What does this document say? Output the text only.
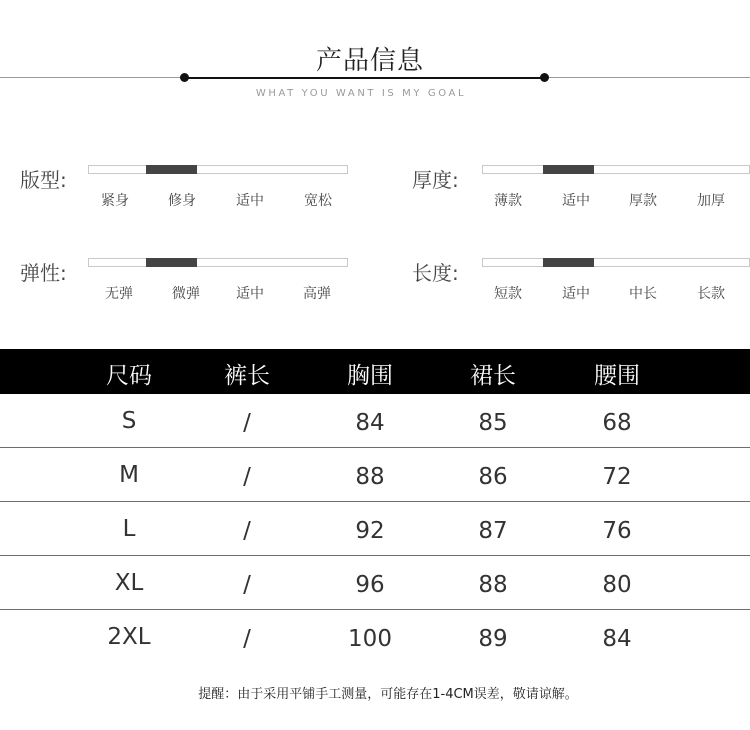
产品信息
WHAT YOU WANT IS MY GOAL
版型:
紧身	修身	适中	宽松
厚度:
薄款	适中	厚款	加厚
弹性:
无弹	微弹	适中	高弹
长度:
短款	适中	中长	长款
尺码	裤长	胸围	裙长	腰围
S	/	84	85	68
M	/	88	86	72
L	/	92	87	76
XL	/	96	88	80
2XL	/	100	89	84
提醒：由于采用平铺手工测量，可能存在1-4CM误差，敬请谅解。
